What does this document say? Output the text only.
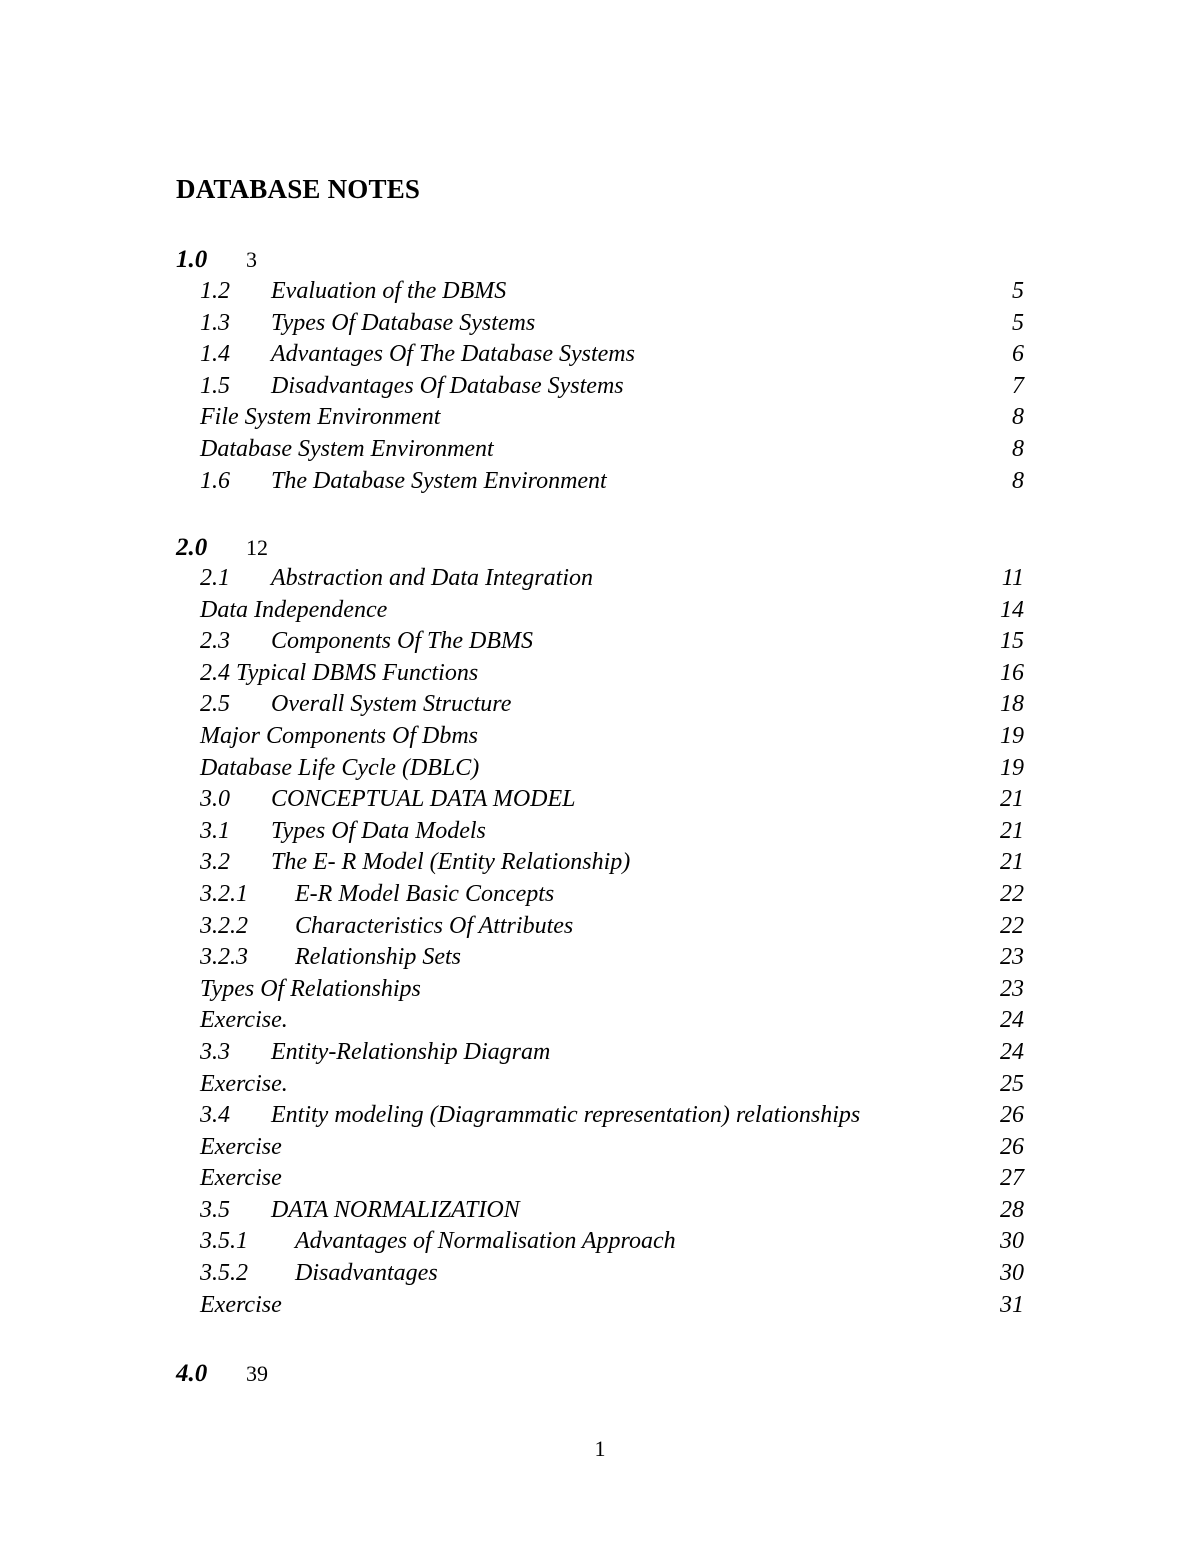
DATABASE NOTES
1.0 3
1.2 Evaluation of the DBMS	5
1.3 Types Of Database Systems	5
1.4 Advantages Of The Database Systems	6
1.5 Disadvantages Of Database Systems	7
File System Environment	8
Database System Environment	8
1.6 The Database System Environment	8
2.0 12
2.1 Abstraction and Data Integration	11
Data Independence	14
2.3 Components Of The DBMS	15
2.4 Typical DBMS Functions	16
2.5 Overall System Structure	18
Major Components Of Dbms	19
Database Life Cycle (DBLC)	19
3.0 CONCEPTUAL DATA MODEL	21
3.1 Types Of Data Models	21
3.2 The E- R Model (Entity Relationship)	21
3.2.1 E-R Model Basic Concepts	22
3.2.2 Characteristics Of Attributes	22
3.2.3 Relationship Sets	23
Types Of Relationships	23
Exercise.	24
3.3 Entity-Relationship Diagram	24
Exercise.	25
3.4 Entity modeling (Diagrammatic representation) relationships	26
Exercise	26
Exercise	27
3.5 DATA NORMALIZATION	28
3.5.1 Advantages of Normalisation Approach	30
3.5.2 Disadvantages	30
Exercise	31
4.0 39
1
